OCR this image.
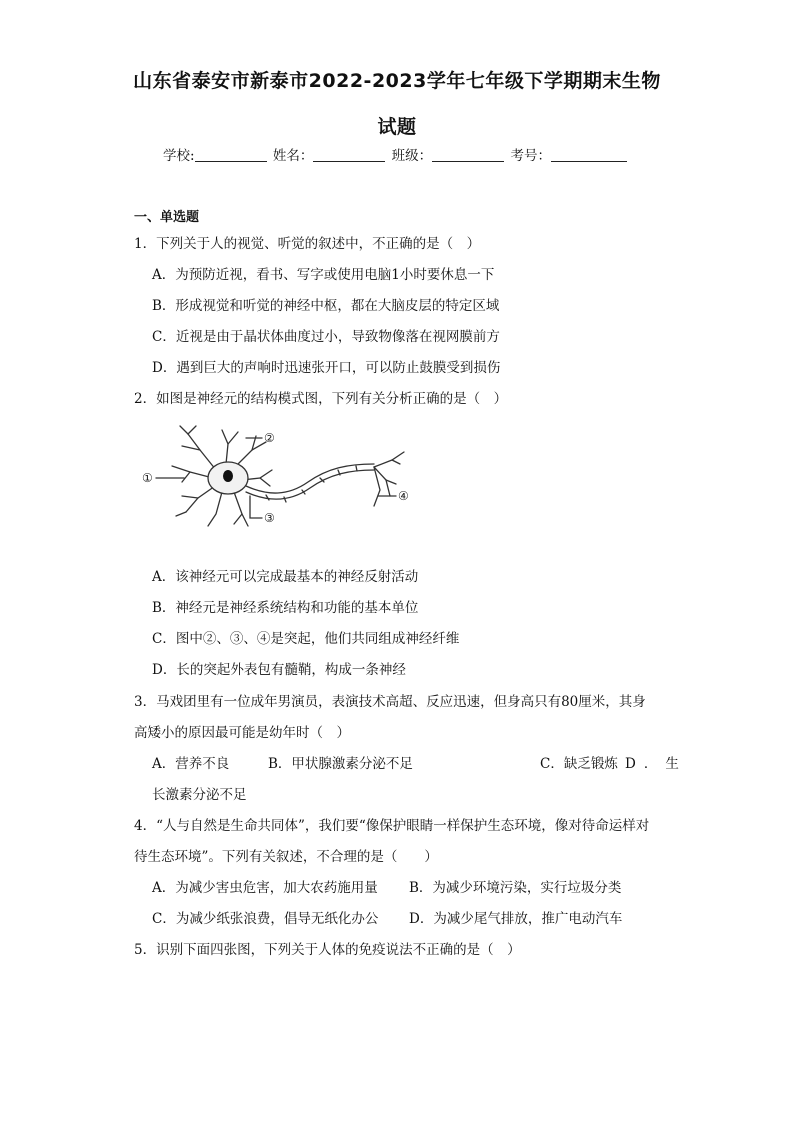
山东省泰安市新泰市2022-2023学年七年级下学期期末生物
试题
学校:	姓名：	班级：	考号：
一、单选题
1．下列关于人的视觉、听觉的叙述中，不正确的是（　）
A．为预防近视，看书、写字或使用电脑1小时要休息一下
B．形成视觉和听觉的神经中枢，都在大脑皮层的特定区域
C．近视是由于晶状体曲度过小，导致物像落在视网膜前方
D．遇到巨大的声响时迅速张开口，可以防止鼓膜受到损伤
2．如图是神经元的结构模式图，下列有关分析正确的是（　）
①
②
③
④
A．该神经元可以完成最基本的神经反射活动
B．神经元是神经系统结构和功能的基本单位
C．图中②、③、④是突起，他们共同组成神经纤维
D．长的突起外表包有髓鞘，构成一条神经
3．马戏团里有一位成年男演员，表演技术高超、反应迅速，但身高只有80厘米，其身
高矮小的原因最可能是幼年时（　）
A．营养不良	B．甲状腺激素分泌不足	C．缺乏锻炼 D．生
长激素分泌不足
4．“人与自然是生命共同体”，我们要“像保护眼睛一样保护生态环境，像对待命运样对
待生态环境”。下列有关叙述，不合理的是（　　）
A．为减少害虫危害，加大农药施用量 B．为减少环境污染，实行垃圾分类
C．为减少纸张浪费，倡导无纸化办公 D．为减少尾气排放，推广电动汽车
5．识别下面四张图，下列关于人体的免疫说法不正确的是（　）
